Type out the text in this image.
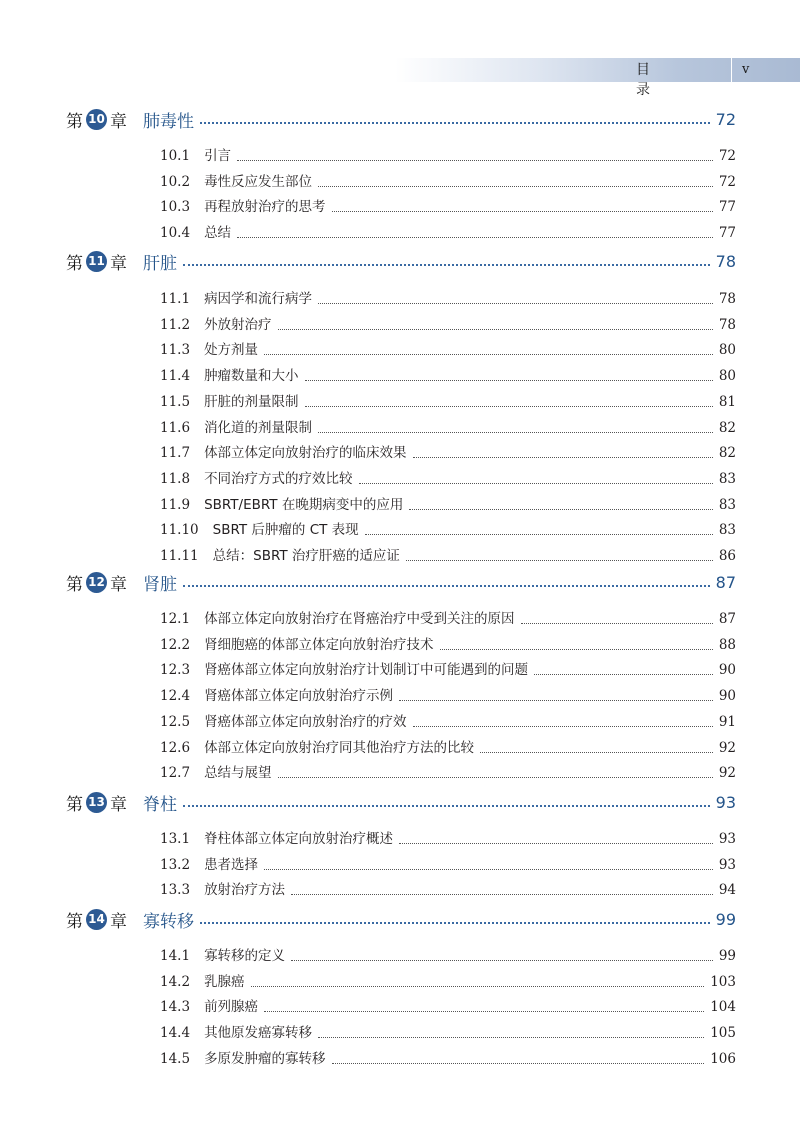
目 录
v
第 10 章 肺毒性	72
10.1 引言	72
10.2 毒性反应发生部位	72
10.3 再程放射治疗的思考	77
10.4 总结	77
第 11 章 肝脏	78
11.1 病因学和流行病学	78
11.2 外放射治疗	78
11.3 处方剂量	80
11.4 肿瘤数量和大小	80
11.5 肝脏的剂量限制	81
11.6 消化道的剂量限制	82
11.7 体部立体定向放射治疗的临床效果	82
11.8 不同治疗方式的疗效比较	83
11.9 SBRT/EBRT 在晚期病变中的应用	83
11.10 SBRT 后肿瘤的 CT 表现	83
11.11 总结：SBRT 治疗肝癌的适应证	86
第 12 章 肾脏	87
12.1 体部立体定向放射治疗在肾癌治疗中受到关注的原因	87
12.2 肾细胞癌的体部立体定向放射治疗技术	88
12.3 肾癌体部立体定向放射治疗计划制订中可能遇到的问题	90
12.4 肾癌体部立体定向放射治疗示例	90
12.5 肾癌体部立体定向放射治疗的疗效	91
12.6 体部立体定向放射治疗同其他治疗方法的比较	92
12.7 总结与展望	92
第 13 章 脊柱	93
13.1 脊柱体部立体定向放射治疗概述	93
13.2 患者选择	93
13.3 放射治疗方法	94
第 14 章 寡转移	99
14.1 寡转移的定义	99
14.2 乳腺癌	103
14.3 前列腺癌	104
14.4 其他原发癌寡转移	105
14.5 多原发肿瘤的寡转移	106
